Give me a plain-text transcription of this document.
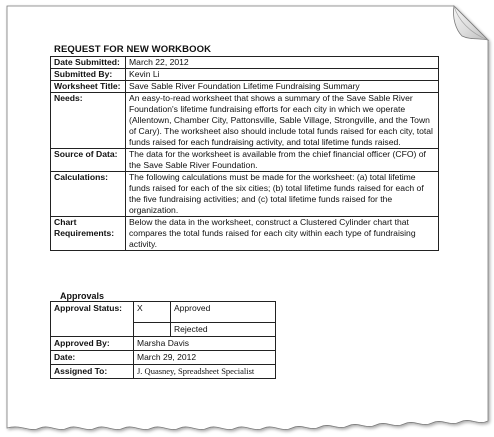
REQUEST FOR NEW WORKBOOK
Date Submitted:	March 22, 2012
Submitted By:	Kevin Li
Worksheet Title:	Save Sable River Foundation Lifetime Fundraising Summary
Needs:	An easy-to-read worksheet that shows a summary of the Save Sable River Foundation's lifetime fundraising efforts for each city in which we operate (Allentown, Chamber City, Pattonsville, Sable Village, Strongville, and the Town of Cary). The worksheet also should include total funds raised for each city, total funds raised for each fundraising activity, and total lifetime funds raised.
Source of Data:	The data for the worksheet is available from the chief financial officer (CFO) of the Save Sable River Foundation.
Calculations:	The following calculations must be made for the worksheet: (a) total lifetime funds raised for each of the six cities; (b) total lifetime funds raised for each of the five fundraising activities; and (c) total lifetime funds raised for the organization.
Chart Requirements:	Below the data in the worksheet, construct a Clustered Cylinder chart that compares the total funds raised for each city within each type of fundraising activity.
Approvals
Approval Status:	X	Approved
		Rejected
Approved By:	Marsha Davis	
Date:	March 29, 2012	
Assigned To:	J. Quasney, Spreadsheet Specialist	
